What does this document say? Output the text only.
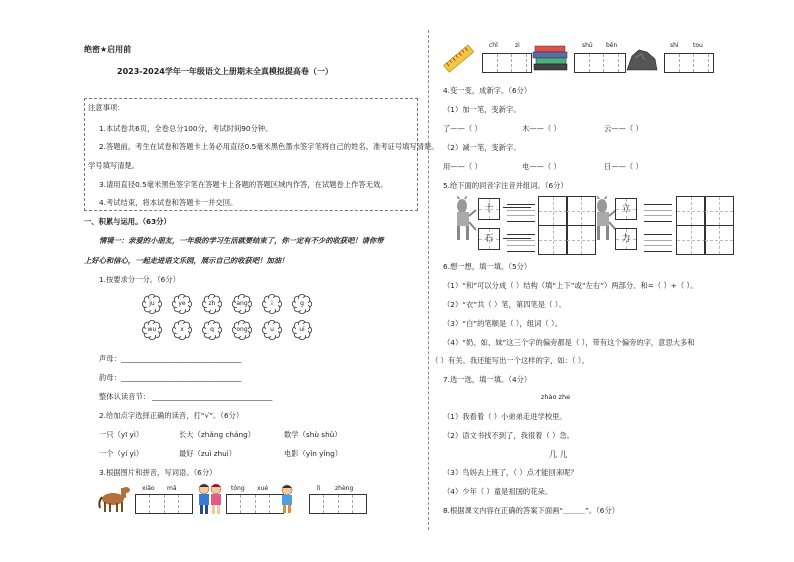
绝密★启用前
2023-2024学年一年级语文上册期末全真模拟提高卷（一）
注意事项：
1.本试卷共6页，全卷总分100分，考试时间90分钟。
2.答题前，考生在试卷和答题卡上务必用直径0.5毫米黑色墨水签字笔将自己的姓名、准考证号填写清楚。
学号填写清楚。
3.请用直径0.5毫米黑色签字笔在答题卡上各题的答题区域内作答，在试题卷上作答无效。
4.考试结束，将本试卷和答题卡一并交回。
一、积累与运用。（63分）
情境一：亲爱的小朋友，一年级的学习生活就要结束了，你一定有不少的收获吧！请你带
上好心和信心，一起走进语文乐园，展示自己的收获吧！加油！
1.按要求分一分。（6分）
ju	ye	zh	ang	i	g
wu	x	q	ong	u	ui
声母： _________________________________
韵母： _________________________________
整体认读音节： _________________________________
2.给加点字选择正确的读音，打“√”。（6分）
一只（yī yì）	长大（zhǎng cháng）	数学（shù shǔ）
一个（yí yì）	最好（zuì zhuì）	电影（yǐn yǐng）
3.根据图片和拼音，写词语。（6分）
xiǎo mǎ	tóng xué	lì zhèng
chǐ	zi	shū běn	shí tou
4.变一变，成新字。（6分）
（1）加一笔，变新字。
了——（ ）	木——（ ）	云——（ ）
（2）减一笔，变新字。
用——（ ）	电——（ ）	日——（ ）
5.给下面的同音字注音并组词。（6分）
十
石
立
力
6.想一想，填一填。（5分）
（1）“和”可以分成（ ）结构（填“上下”或“左右”）两部分。和=（ ）+（ ）。
（2）“衣”共（ ）笔，第四笔是（ ）。
（3）“白”的笔顺是（ ），组词（ ）。
（4）“奶、如、妹”这三个字的偏旁都是（ ），带有这个偏旁的字，意思大多和
（ ）有关。我还能写出一个这样的字，如：（ ）。
7.选一选，填一填。（4分）
zhào zhe
（1）我看着（ ）小弟弟走进学校里。
（2）语文书找不到了，我很着（ ）急。
几 儿
（3）鸟妈去上班了，（ ）点才能回来呢？
（4）少年（ ）童是祖国的花朵。
8.根据课文内容在正确的答案下面画“＿＿＿”。（6分）
